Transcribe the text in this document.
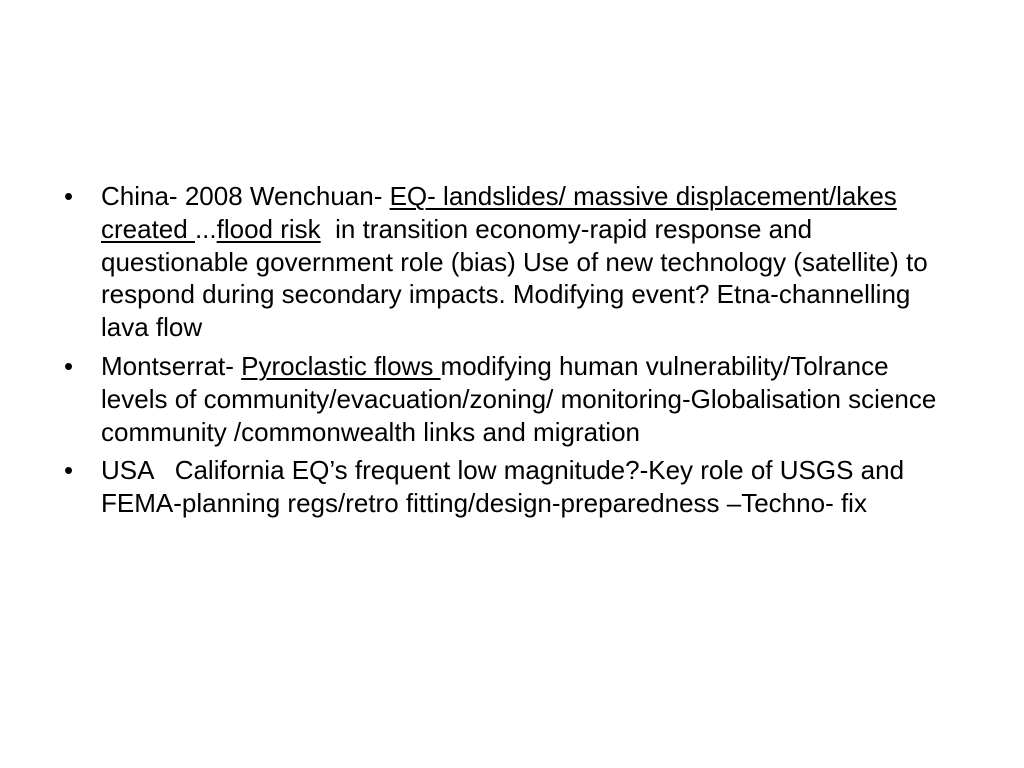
•	China- 2008 Wenchuan- EQ- landslides/ massive displacement/lakes created ...flood risk  in transition economy-rapid response and questionable government role (bias) Use of new technology (satellite) to respond during secondary impacts. Modifying event? Etna-channelling lava flow
•	Montserrat- Pyroclastic flows modifying human vulnerability/Tolrance levels of community/evacuation/zoning/ monitoring-Globalisation science community /commonwealth links and migration
•	USA   California EQ’s frequent low magnitude?-Key role of USGS and FEMA-planning regs/retro fitting/design-preparedness –Techno- fix
